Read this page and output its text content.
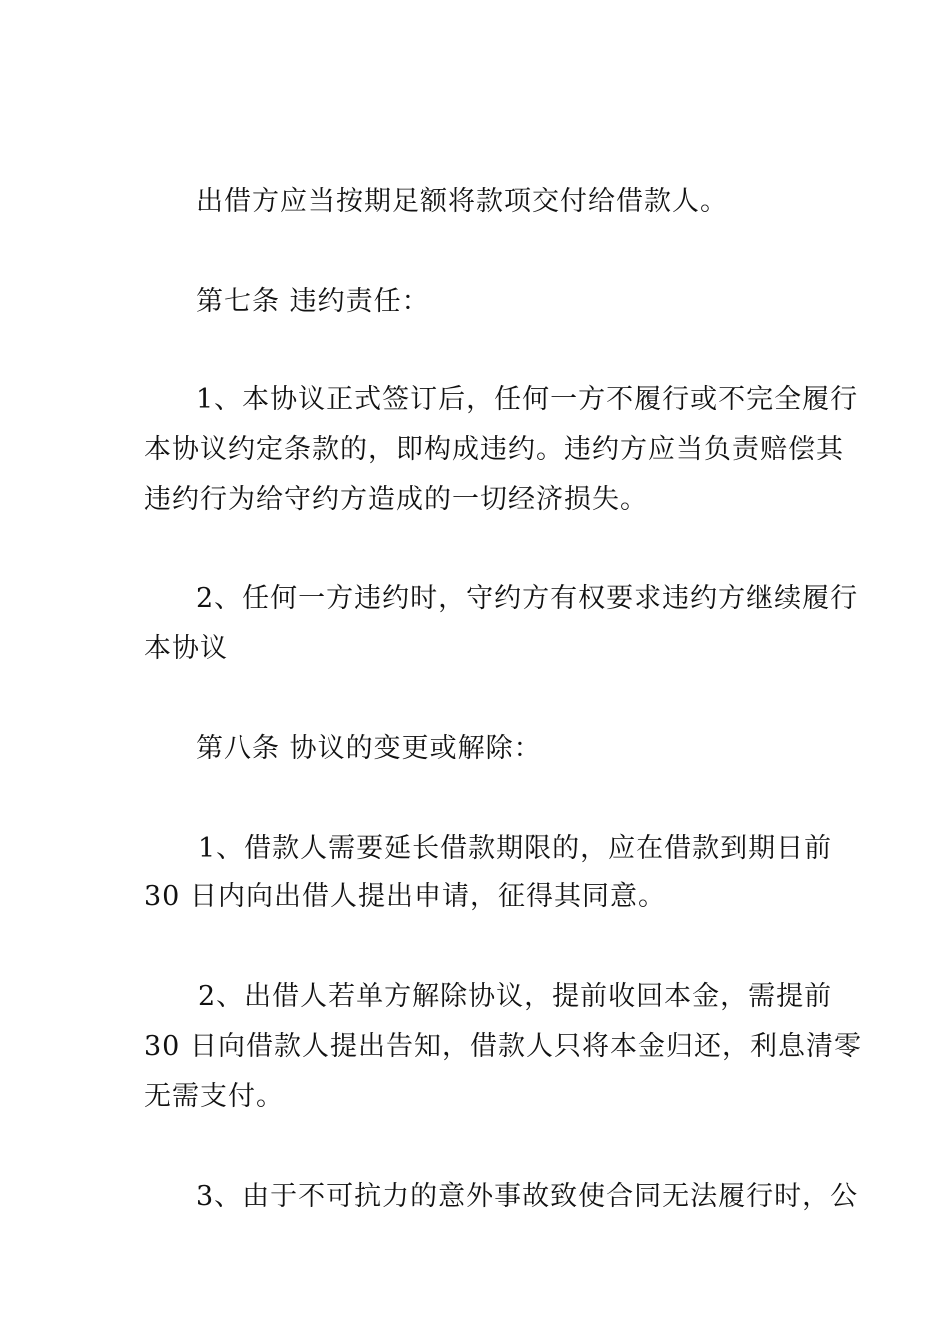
出借方应当按期足额将款项交付给借款人。
第七条 违约责任：
1、本协议正式签订后，任何一方不履行或不完全履行
本协议约定条款的，即构成违约。违约方应当负责赔偿其
违约行为给守约方造成的一切经济损失。
2、任何一方违约时，守约方有权要求违约方继续履行
本协议
第八条 协议的变更或解除：
1、借款人需要延长借款期限的，应在借款到期日前
30 日内向出借人提出申请，征得其同意。
2、出借人若单方解除协议，提前收回本金，需提前
30 日向借款人提出告知，借款人只将本金归还，利息清零
无需支付。
3、由于不可抗力的意外事故致使合同无法履行时，公
